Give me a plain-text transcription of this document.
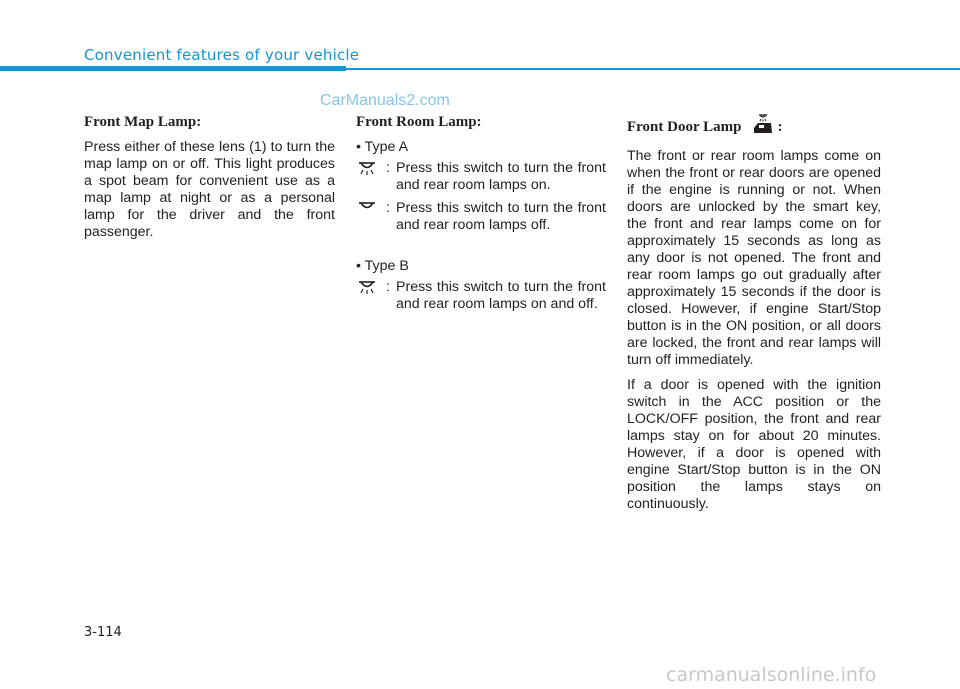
Convenient features of your vehicle
CarManuals2.com
Front Map Lamp:
Press either of these lens (1) to turn the map lamp on or off. This light produces a spot beam for convenient use as a map lamp at night or as a personal lamp for the driver and the front passenger.
Front Room Lamp:
• Type A
: Press this switch to turn the front and rear room lamps on.
: Press this switch to turn the front and rear room lamps off.
• Type B
: Press this switch to turn the front and rear room lamps on and off.
Front Door Lamp :
The front or rear room lamps come on when the front or rear doors are opened if the engine is running or not. When doors are unlocked by the smart key, the front and rear lamps come on for approximately 15 seconds as long as any door is not opened. The front and rear room lamps go out gradually after approximately 15 seconds if the door is closed. However, if engine Start/Stop button is in the ON position, or all doors are locked, the front and rear lamps will turn off immediately.
If a door is opened with the ignition switch in the ACC position or the LOCK/OFF position, the front and rear lamps stay on for about 20 minutes. However, if a door is opened with engine Start/Stop button is in the ON position the lamps stays on continuously.
3-114
carmanualsonline.info
